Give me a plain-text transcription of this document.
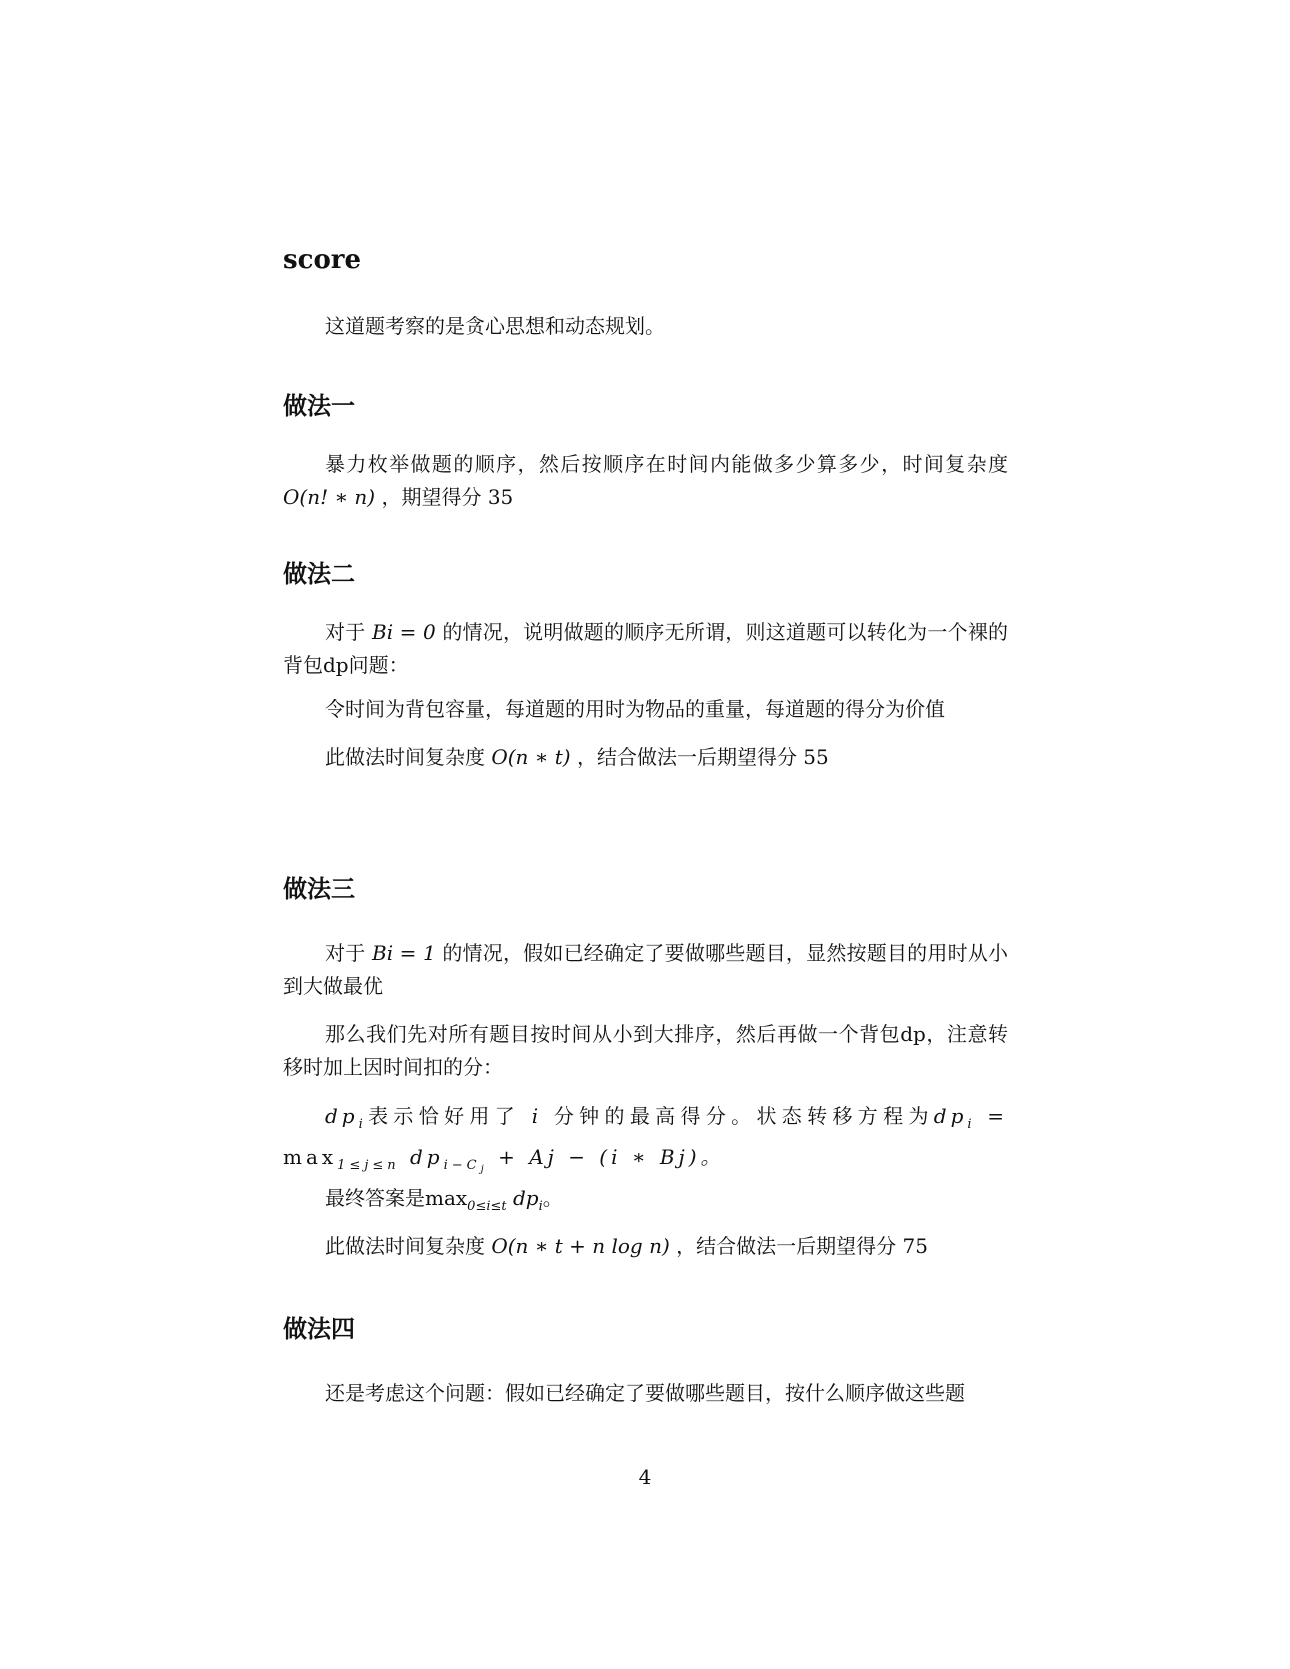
score

这道题考察的是贪心思想和动态规划。

做法一

暴力枚举做题的顺序，然后按顺序在时间内能做多少算多少，时间复杂度O(n! ∗ n) ，期望得分 35

做法二

对于 Bi = 0 的情况，说明做题的顺序无所谓，则这道题可以转化为一个裸的背包dp问题：

令时间为背包容量，每道题的用时为物品的重量，每道题的得分为价值

此做法时间复杂度 O(n ∗ t) ，结合做法一后期望得分 55

做法三

对于 Bi = 1 的情况，假如已经确定了要做哪些题目，显然按题目的用时从小到大做最优

那么我们先对所有题目按时间从小到大排序，然后再做一个背包dp，注意转移时加上因时间扣的分：

$dp_i$表示恰好用了 i 分钟的最高得分。状态转移方程为$dp_i = \max_{1\le j\le n} dp_{i-C_j} + Aj - (i$ ∗ Bj)。

最终答案是$\max_{0\le i\le t} dp_i$。

此做法时间复杂度 O(n ∗ t + n log n) ，结合做法一后期望得分 75

做法四

还是考虑这个问题：假如已经确定了要做哪些题目，按什么顺序做这些题

4
